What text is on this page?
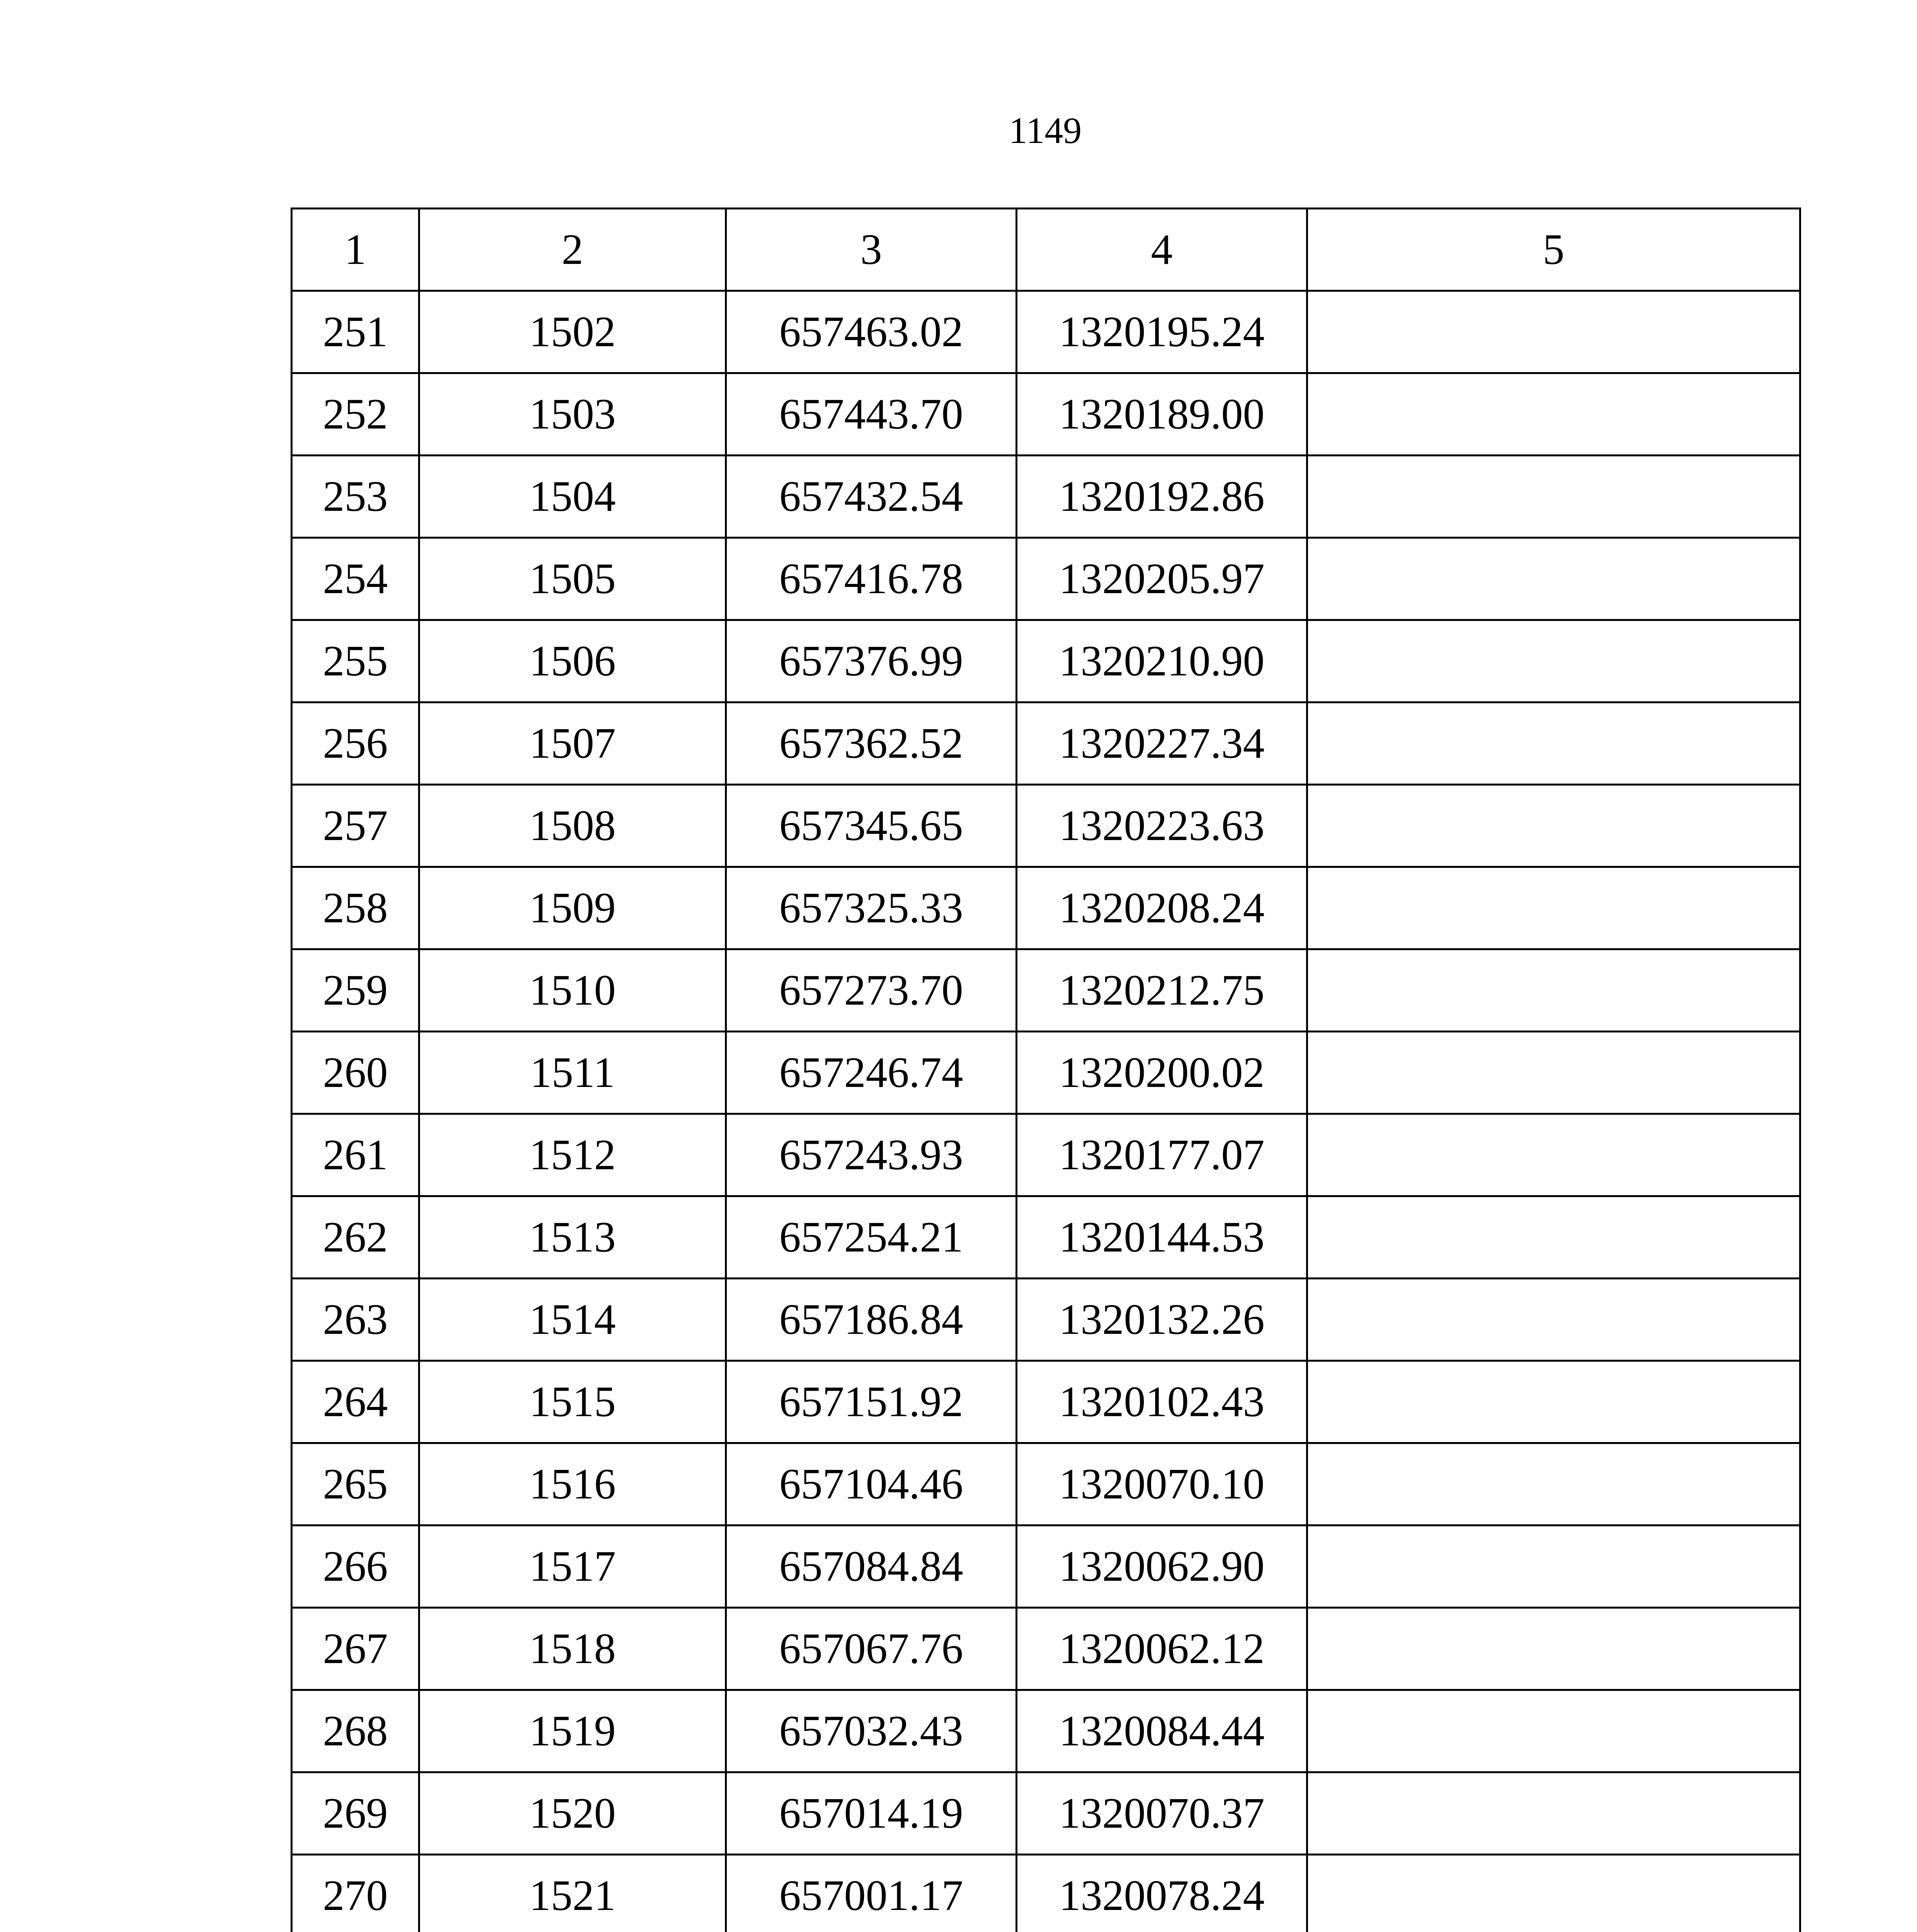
1149
1	2	3	4	5
251	1502	657463.02	1320195.24	
252	1503	657443.70	1320189.00	
253	1504	657432.54	1320192.86	
254	1505	657416.78	1320205.97	
255	1506	657376.99	1320210.90	
256	1507	657362.52	1320227.34	
257	1508	657345.65	1320223.63	
258	1509	657325.33	1320208.24	
259	1510	657273.70	1320212.75	
260	1511	657246.74	1320200.02	
261	1512	657243.93	1320177.07	
262	1513	657254.21	1320144.53	
263	1514	657186.84	1320132.26	
264	1515	657151.92	1320102.43	
265	1516	657104.46	1320070.10	
266	1517	657084.84	1320062.90	
267	1518	657067.76	1320062.12	
268	1519	657032.43	1320084.44	
269	1520	657014.19	1320070.37	
270	1521	657001.17	1320078.24	
